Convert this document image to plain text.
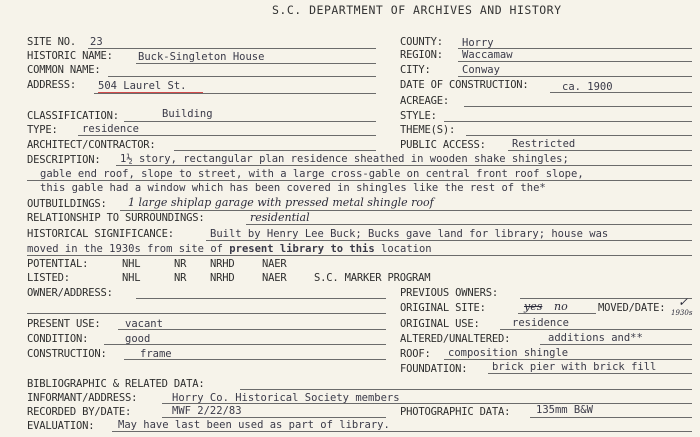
S.C. DEPARTMENT OF ARCHIVES AND HISTORY
SITE NO. 23
HISTORIC NAME: Buck-Singleton House
COMMON NAME:
ADDRESS: 504 Laurel St.
COUNTY: Horry
REGION: Waccamaw
CITY:	Conway
DATE OF CONSTRUCTION:	ca. 1900
ACREAGE:
CLASSIFICATION:	Building	STYLE:
TYPE: residence	THEME(S):
ARCHITECT/CONTRACTOR:	PUBLIC ACCESS:	Restricted
DESCRIPTION: 1½ story, rectangular plan residence sheathed in wooden shake shingles;
gable end roof, slope to street, with a large cross-gable on central front roof slope,
this gable had a window which has been covered in shingles like the rest of the*
OUTBUILDINGS: 1 large shiplap garage with pressed metal shingle roof
RELATIONSHIP TO SURROUNDINGS:	residential
HISTORICAL SIGNIFICANCE:	Built by Henry Lee Buck; Bucks gave land for library; house was
moved in the 1930s from site of present library to this location
POTENTIAL:	NHL	NR NRHD	NAER
LISTED:	NHL	NR NRHD	NAER	S.C. MARKER PROGRAM
OWNER/ADDRESS:	PREVIOUS OWNERS:
ORIGINAL SITE:	yes no	MOVED/DATE: ✓
1930s
PRESENT USE: vacant	ORIGINAL USE:	residence
CONDITION:	good	ALTERED/UNALTERED:	additions and**
CONSTRUCTION:	frame	ROOF: composition shingle
FOUNDATION: brick pier with brick fill
BIBLIOGRAPHIC & RELATED DATA:
INFORMANT/ADDRESS:	Horry Co. Historical Society members
RECORDED BY/DATE:	MWF 2/22/83	PHOTOGRAPHIC DATA: 135mm B&W
EVALUATION: May have last been used as part of library.
